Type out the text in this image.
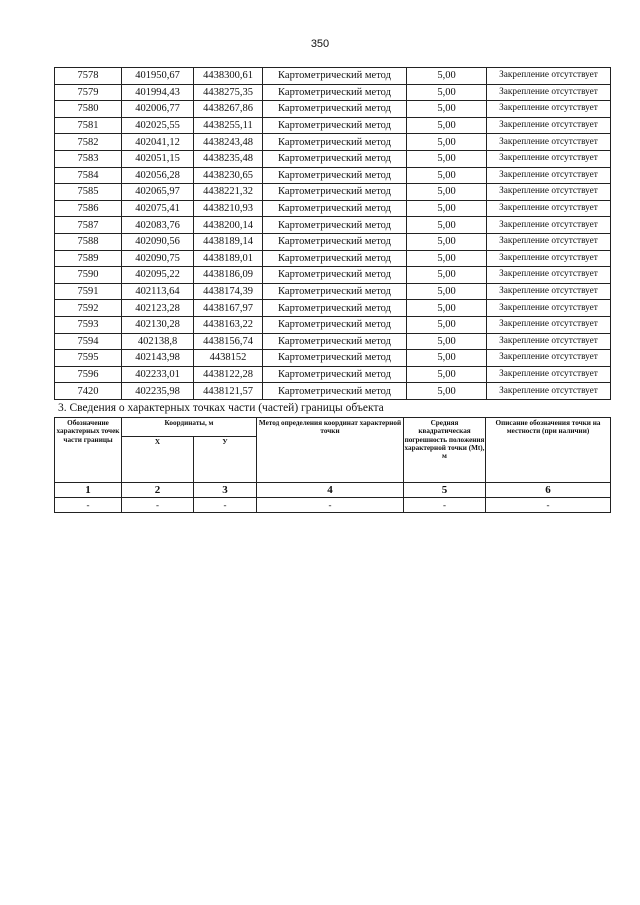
350
7578	401950,67	4438300,61	Картометрический метод	5,00	Закрепление отсутствует
7579	401994,43	4438275,35	Картометрический метод	5,00	Закрепление отсутствует
7580	402006,77	4438267,86	Картометрический метод	5,00	Закрепление отсутствует
7581	402025,55	4438255,11	Картометрический метод	5,00	Закрепление отсутствует
7582	402041,12	4438243,48	Картометрический метод	5,00	Закрепление отсутствует
7583	402051,15	4438235,48	Картометрический метод	5,00	Закрепление отсутствует
7584	402056,28	4438230,65	Картометрический метод	5,00	Закрепление отсутствует
7585	402065,97	4438221,32	Картометрический метод	5,00	Закрепление отсутствует
7586	402075,41	4438210,93	Картометрический метод	5,00	Закрепление отсутствует
7587	402083,76	4438200,14	Картометрический метод	5,00	Закрепление отсутствует
7588	402090,56	4438189,14	Картометрический метод	5,00	Закрепление отсутствует
7589	402090,75	4438189,01	Картометрический метод	5,00	Закрепление отсутствует
7590	402095,22	4438186,09	Картометрический метод	5,00	Закрепление отсутствует
7591	402113,64	4438174,39	Картометрический метод	5,00	Закрепление отсутствует
7592	402123,28	4438167,97	Картометрический метод	5,00	Закрепление отсутствует
7593	402130,28	4438163,22	Картометрический метод	5,00	Закрепление отсутствует
7594	402138,8	4438156,74	Картометрический метод	5,00	Закрепление отсутствует
7595	402143,98	4438152	Картометрический метод	5,00	Закрепление отсутствует
7596	402233,01	4438122,28	Картометрический метод	5,00	Закрепление отсутствует
7420	402235,98	4438121,57	Картометрический метод	5,00	Закрепление отсутствует
3. Сведения о характерных точках части (частей) границы объекта
Обозначение характерных точек части границы	Координаты, м		Метод определения координат характерной точки	Средняя квадратическая погрешность положения характерной точки (Mt), м	Описание обозначения точки на местности (при наличии)
	X	У			
1	2	3	4	5	6
-	-	-	-	-	-
